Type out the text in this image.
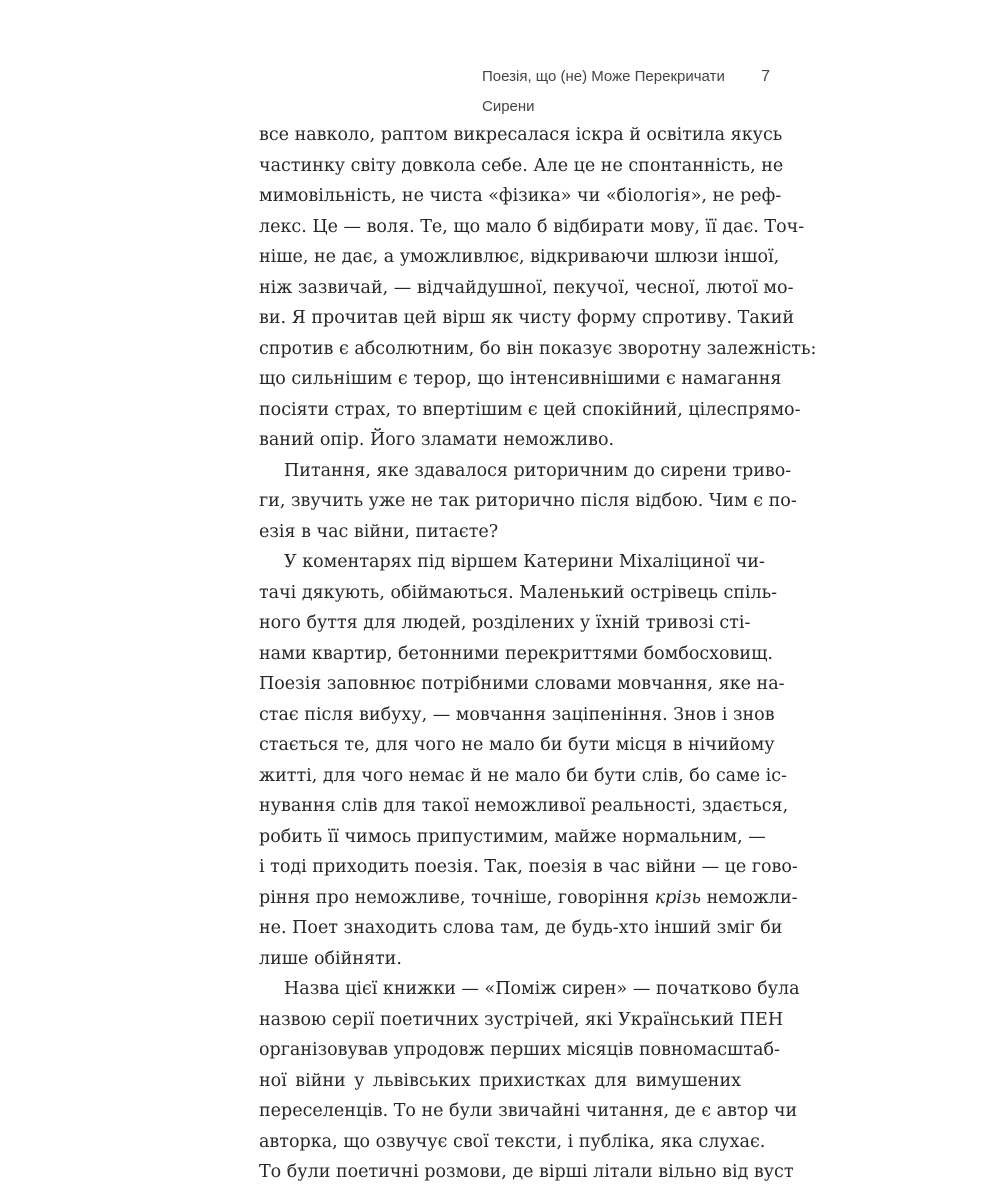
Поезія, що (не) Може Перекричати Сирени
7
все навколо, раптом викресалася іскра й освітила якусь
частинку світу довкола себе. Але це не спонтанність, не
мимовільність, не чиста «фізика» чи «біологія», не реф-
лекс. Це — воля. Те, що мало б відбирати мову, її дає. Точ-
ніше, не дає, а уможливлює, відкриваючи шлюзи іншої,
ніж зазвичай, — відчайдушної, пекучої, чесної, лютої мо-
ви. Я прочитав цей вірш як чисту форму спротиву. Такий
спротив є абсолютним, бо він показує зворотну залежність:
що сильнішим є терор, що інтенсивнішими є намагання
посіяти страх, то впертішим є цей спокійний, цілеспрямо-
ваний опір. Його зламати неможливо.
Питання, яке здавалося риторичним до сирени триво-
ги, звучить уже не так риторично після відбою. Чим є по-
езія в час війни, питаєте?
У коментарях під віршем Катерини Міхаліциної чи-
тачі дякують, обіймаються. Маленький острівець спіль-
ного буття для людей, розділених у їхній тривозі сті-
нами квартир, бетонними перекриттями бомбосховищ.
Поезія заповнює потрібними словами мовчання, яке на-
стає після вибуху, — мовчання заціпеніння. Знов і знов
стається те, для чого не мало би бути місця в нічийому
житті, для чого немає й не мало би бути слів, бо саме іс-
нування слів для такої неможливої реальності, здається,
робить її чимось припустимим, майже нормальним, —
і тоді приходить поезія. Так, поезія в час війни — це гово-
ріння про неможливе, точніше, говоріння крізь неможли-
не. Поет знаходить слова там, де будь-хто інший зміг би
лише обійняти.
Назва цієї книжки — «Поміж сирен» — початково була
назвою серії поетичних зустрічей, які Український ПЕН
організовував упродовж перших місяців повномасштаб-
ної війни у львівських прихистках для вимушених
переселенців. То не були звичайні читання, де є автор чи
авторка, що озвучує свої тексти, і публіка, яка слухає.
То були поетичні розмови, де вірші літали вільно від вуст
